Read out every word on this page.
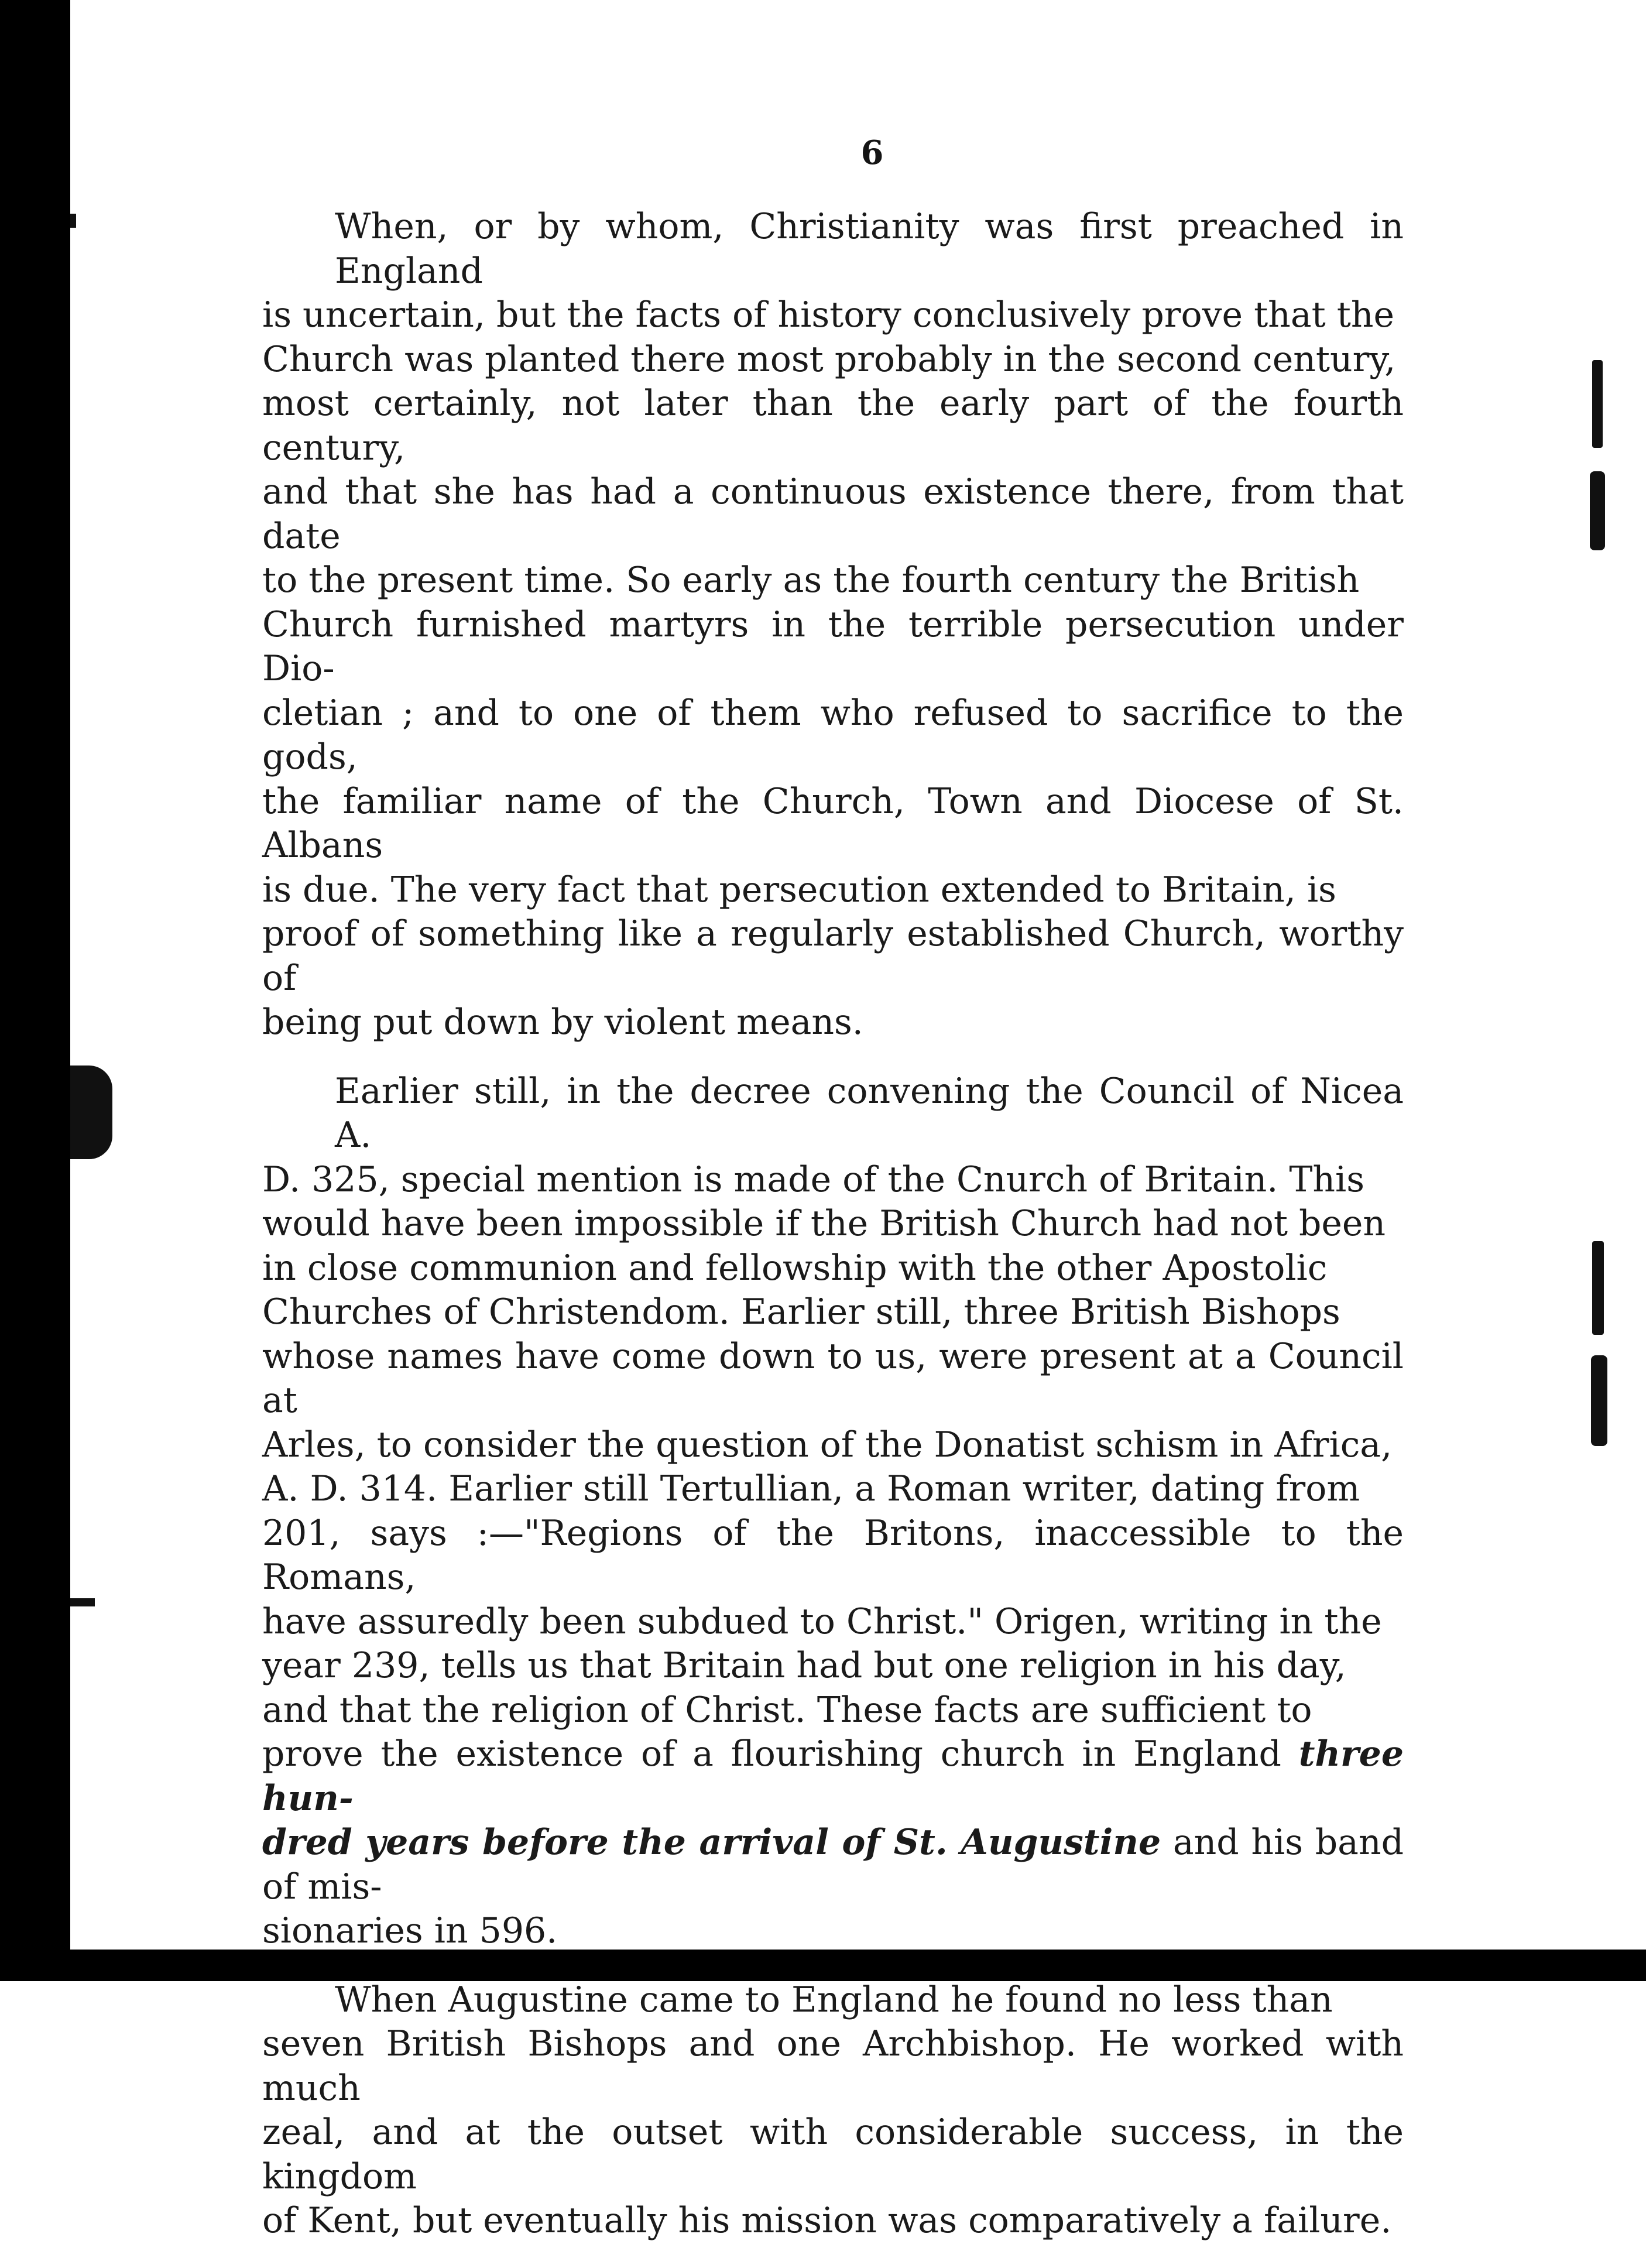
6

When, or by whom, Christianity was first preached in England
is uncertain, but the facts of history conclusively prove that the
Church was planted there most probably in the second century,
most certainly, not later than the early part of the fourth century,
and that she has had a continuous existence there, from that date
to the present time. So early as the fourth century the British
Church furnished martyrs in the terrible persecution under Dio-
cletian ; and to one of them who refused to sacrifice to the gods,
the familiar name of the Church, Town and Diocese of St. Albans
is due. The very fact that persecution extended to Britain, is
proof of something like a regularly established Church, worthy of
being put down by violent means.

Earlier still, in the decree convening the Council of Nicea A.
D. 325, special mention is made of the Cnurch of Britain. This
would have been impossible if the British Church had not been
in close communion and fellowship with the other Apostolic
Churches of Christendom. Earlier still, three British Bishops
whose names have come down to us, were present at a Council at
Arles, to consider the question of the Donatist schism in Africa,
A. D. 314. Earlier still Tertullian, a Roman writer, dating from
201, says :—"Regions of the Britons, inaccessible to the Romans,
have assuredly been subdued to Christ." Origen, writing in the
year 239, tells us that Britain had but one religion in his day,
and that the religion of Christ. These facts are sufficient to
prove the existence of a flourishing church in England three hun-
dred years before the arrival of St. Augustine and his band of mis-
sionaries in 596.

When Augustine came to England he found no less than
seven British Bishops and one Archbishop. He worked with much
zeal, and at the outset with considerable success, in the kingdom
of Kent, but eventually his mission was comparatively a failure.
